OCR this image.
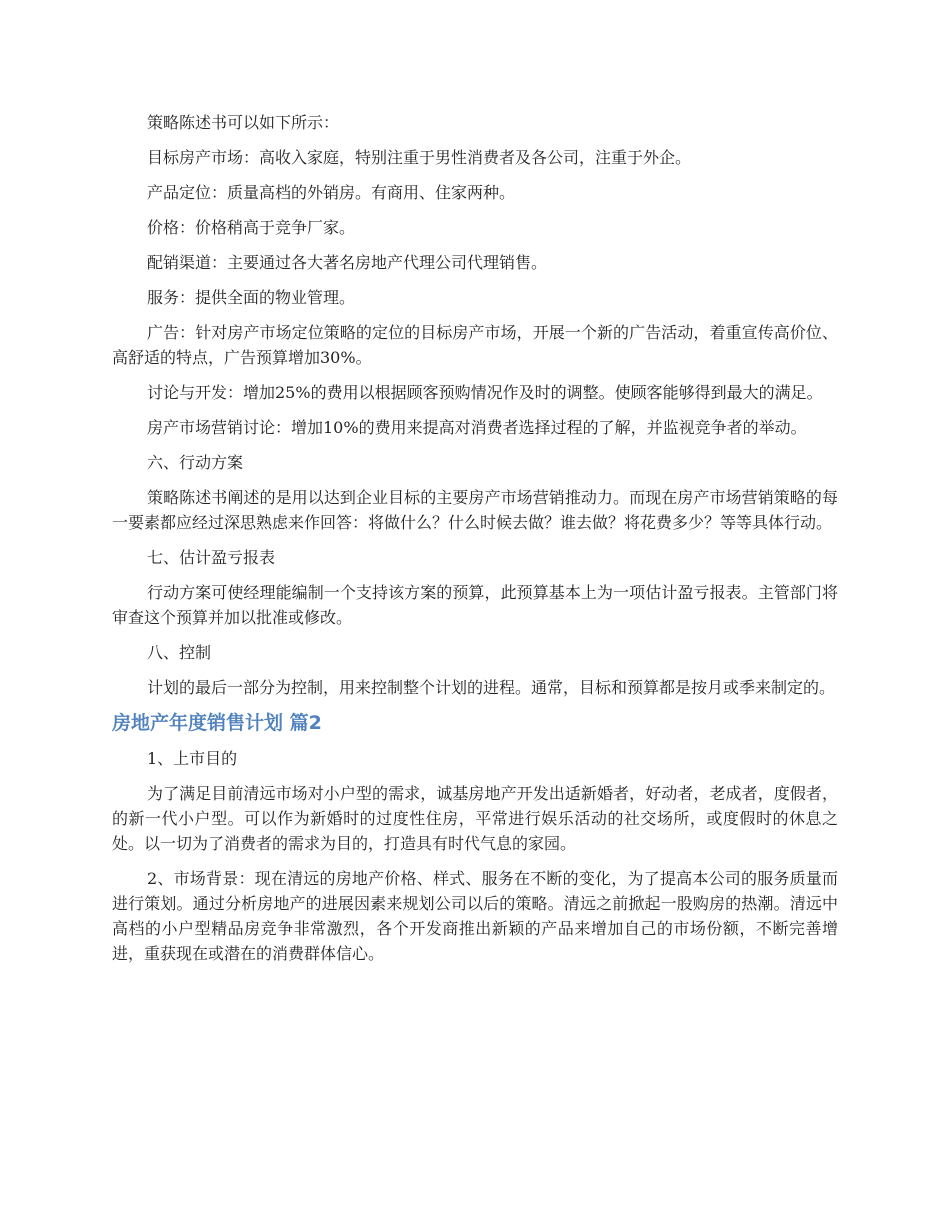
策略陈述书可以如下所示：

目标房产市场：高收入家庭，特别注重于男性消费者及各公司，注重于外企。

产品定位：质量高档的外销房。有商用、住家两种。

价格：价格稍高于竞争厂家。

配销渠道：主要通过各大著名房地产代理公司代理销售。

服务：提供全面的物业管理。

广告：针对房产市场定位策略的定位的目标房产市场，开展一个新的广告活动，着重宣传高价位、高舒适的特点，广告预算增加30%。

讨论与开发：增加25%的费用以根据顾客预购情况作及时的调整。使顾客能够得到最大的满足。

房产市场营销讨论：增加10%的费用来提高对消费者选择过程的了解，并监视竞争者的举动。

六、行动方案

策略陈述书阐述的是用以达到企业目标的主要房产市场营销推动力。而现在房产市场营销策略的每一要素都应经过深思熟虑来作回答：将做什么？什么时候去做？谁去做？将花费多少？等等具体行动。

七、估计盈亏报表

行动方案可使经理能编制一个支持该方案的预算，此预算基本上为一项估计盈亏报表。主管部门将审查这个预算并加以批准或修改。

八、控制

计划的最后一部分为控制，用来控制整个计划的进程。通常，目标和预算都是按月或季来制定的。

房地产年度销售计划 篇2

1、上市目的

为了满足目前清远市场对小户型的需求，诚基房地产开发出适新婚者，好动者，老成者，度假者，的新一代小户型。可以作为新婚时的过度性住房，平常进行娱乐活动的社交场所，或度假时的休息之处。以一切为了消费者的需求为目的，打造具有时代气息的家园。

2、市场背景：现在清远的房地产价格、样式、服务在不断的变化，为了提高本公司的服务质量而进行策划。通过分析房地产的进展因素来规划公司以后的策略。清远之前掀起一股购房的热潮。清远中高档的小户型精品房竞争非常激烈，各个开发商推出新颖的产品来增加自己的市场份额，不断完善增进，重获现在或潜在的消费群体信心。
